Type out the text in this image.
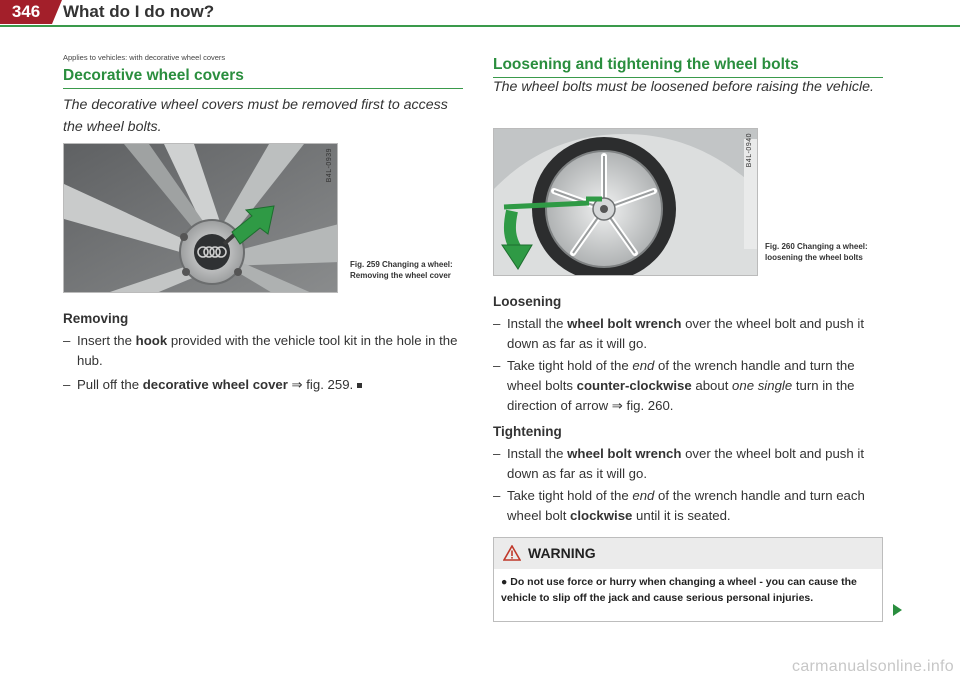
346	What do I do now?
Applies to vehicles: with decorative wheel covers
Decorative wheel covers
The decorative wheel covers must be removed first to access the wheel bolts.
B4L-0939
Fig. 259 Changing a wheel: Removing the wheel cover
Removing
– Insert the hook provided with the vehicle tool kit in the hole in the hub.
– Pull off the decorative wheel cover ⇒ fig. 259.
Loosening and tightening the wheel bolts
The wheel bolts must be loosened before raising the vehicle.
B4L-0940
Fig. 260 Changing a wheel: loosening the wheel bolts
Loosening
– Install the wheel bolt wrench over the wheel bolt and push it down as far as it will go.
– Take tight hold of the end of the wrench handle and turn the wheel bolts counter-clockwise about one single turn in the direction of arrow ⇒ fig. 260.
Tightening
– Install the wheel bolt wrench over the wheel bolt and push it down as far as it will go.
– Take tight hold of the end of the wrench handle and turn each wheel bolt clockwise until it is seated.
WARNING
● Do not use force or hurry when changing a wheel - you can cause the vehicle to slip off the jack and cause serious personal injuries.
carmanualsonline.info
